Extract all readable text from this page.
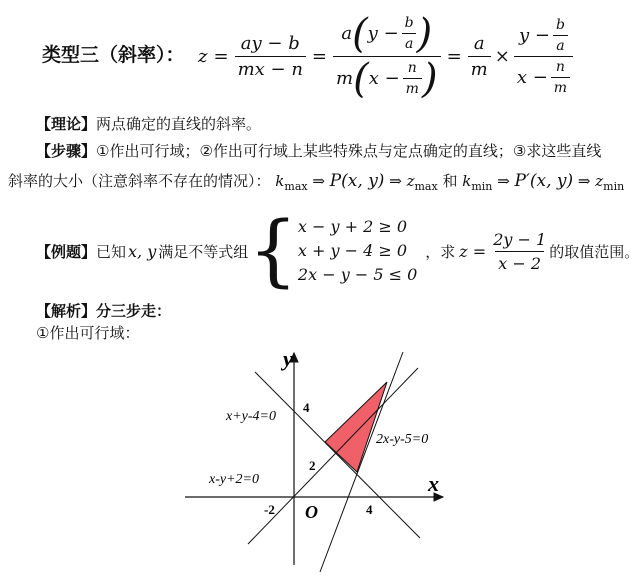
类型三（斜率）： $z = \frac{ay - b}{mx - n} = \frac{a ( y - \frac{b}{a} )}{m ( x - \frac{n}{m} )} = \frac{a}{m} \times \frac{y - \frac{b}{a}}{x - \frac{n}{m}}$
【理论】两点确定的直线的斜率。
【步骤】①作出可行域；②作出可行域上某些特殊点与定点确定的直线；③求这些直线
斜率的大小（注意斜率不存在的情况）： $k_{max}$ ⇒ P(x, y) ⇒ $z_{max}$ 和 $k_{min}$ ⇒ P′(x, y) ⇒ $z_{min}$
【例题】 已知 x, y 满足不等式组 { x − y + 2 ≥ 0
x + y − 4 ≥ 0
2x − y − 5 ≤ 0
，求 $z = \frac{2y - 1}{x - 2}$ 的取值范围。
【解析】分三步走：
①作出可行域：
y
x
O
4
2
-2	4
x+y-4=0
2x-y-5=0
x-y+2=0
